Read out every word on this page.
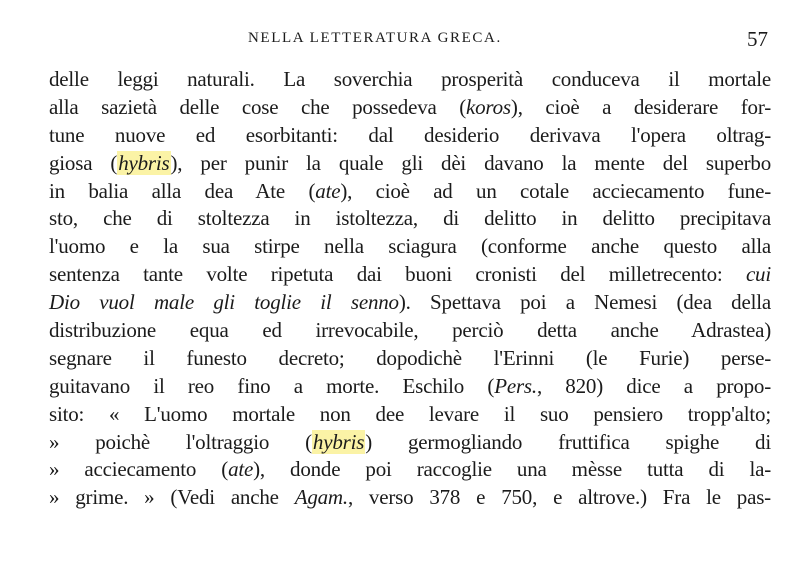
NELLA LETTERATURA GRECA.	57
delle leggi naturali. La soverchia prosperità conduceva il mortale
alla sazietà delle cose che possedeva (koros), cioè a desiderare for-
tune nuove ed esorbitanti: dal desiderio derivava l'opera oltrag-
giosa (hybris), per punir la quale gli dèi davano la mente del superbo
in balia alla dea Ate (ate), cioè ad un cotale acciecamento fune-
sto, che di stoltezza in istoltezza, di delitto in delitto precipitava
l'uomo e la sua stirpe nella sciagura (conforme anche questo alla
sentenza tante volte ripetuta dai buoni cronisti del milletrecento: cui
Dio vuol male gli toglie il senno). Spettava poi a Nemesi (dea della
distribuzione equa ed irrevocabile, perciò detta anche Adrastea)
segnare il funesto decreto; dopodichè l'Erinni (le Furie) perse-
guitavano il reo fino a morte. Eschilo (Pers., 820) dice a propo-
sito: « L'uomo mortale non dee levare il suo pensiero tropp'alto;
» poichè l'oltraggio (hybris) germogliando fruttifica spighe di
» acciecamento (ate), donde poi raccoglie una mèsse tutta di la-
» grime. » (Vedi anche Agam., verso 378 e 750, e altrove.) Fra le pas-
